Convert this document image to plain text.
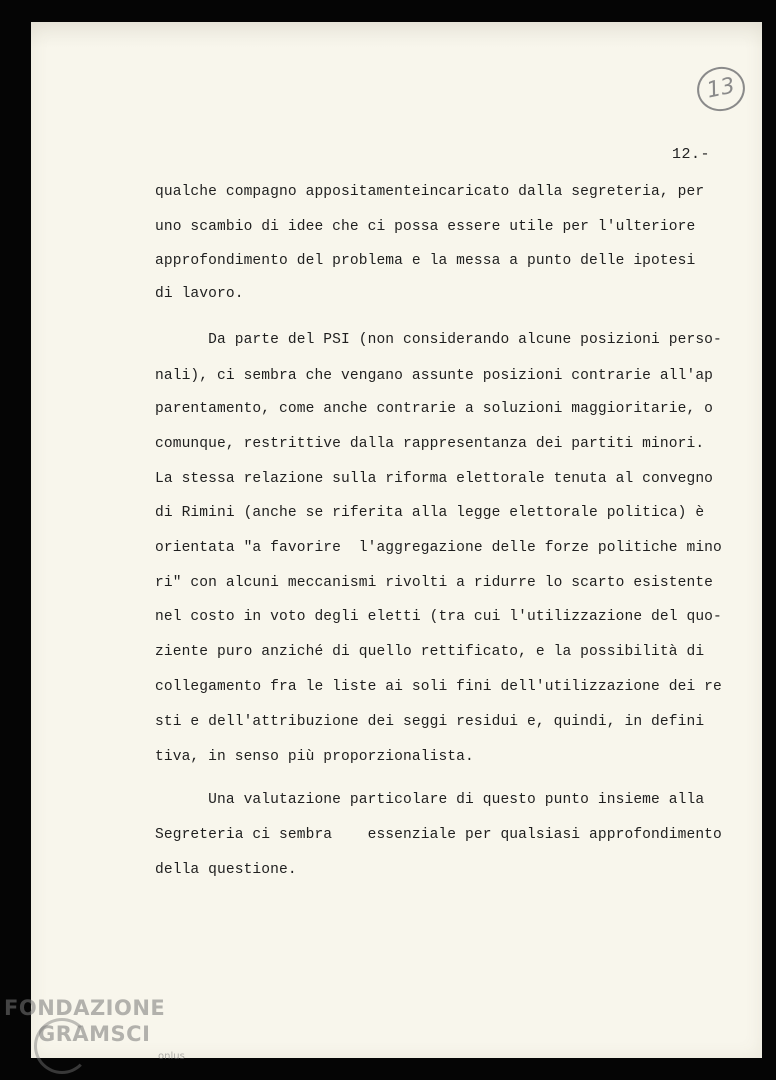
13
12.-
qualche compagno appositamenteincaricato dalla segreteria, per
uno scambio di idee che ci possa essere utile per l'ulteriore
approfondimento del problema e la messa a punto delle ipotesi
di lavoro.
Da parte del PSI (non considerando alcune posizioni perso-
nali), ci sembra che vengano assunte posizioni contrarie all'ap
parentamento, come anche contrarie a soluzioni maggioritarie, o
comunque, restrittive dalla rappresentanza dei partiti minori.
La stessa relazione sulla riforma elettorale tenuta al convegno
di Rimini (anche se riferita alla legge elettorale politica) è
orientata "a favorire  l'aggregazione delle forze politiche mino
ri" con alcuni meccanismi rivolti a ridurre lo scarto esistente
nel costo in voto degli eletti (tra cui l'utilizzazione del quo-
ziente puro anziché di quello rettificato, e la possibilità di
collegamento fra le liste ai soli fini dell'utilizzazione dei re
sti e dell'attribuzione dei seggi residui e, quindi, in defini
tiva, in senso più proporzionalista.
Una valutazione particolare di questo punto insieme alla
Segreteria ci sembra    essenziale per qualsiasi approfondimento
della questione.
FONDAZIONE
GRAMSCI
onlus
